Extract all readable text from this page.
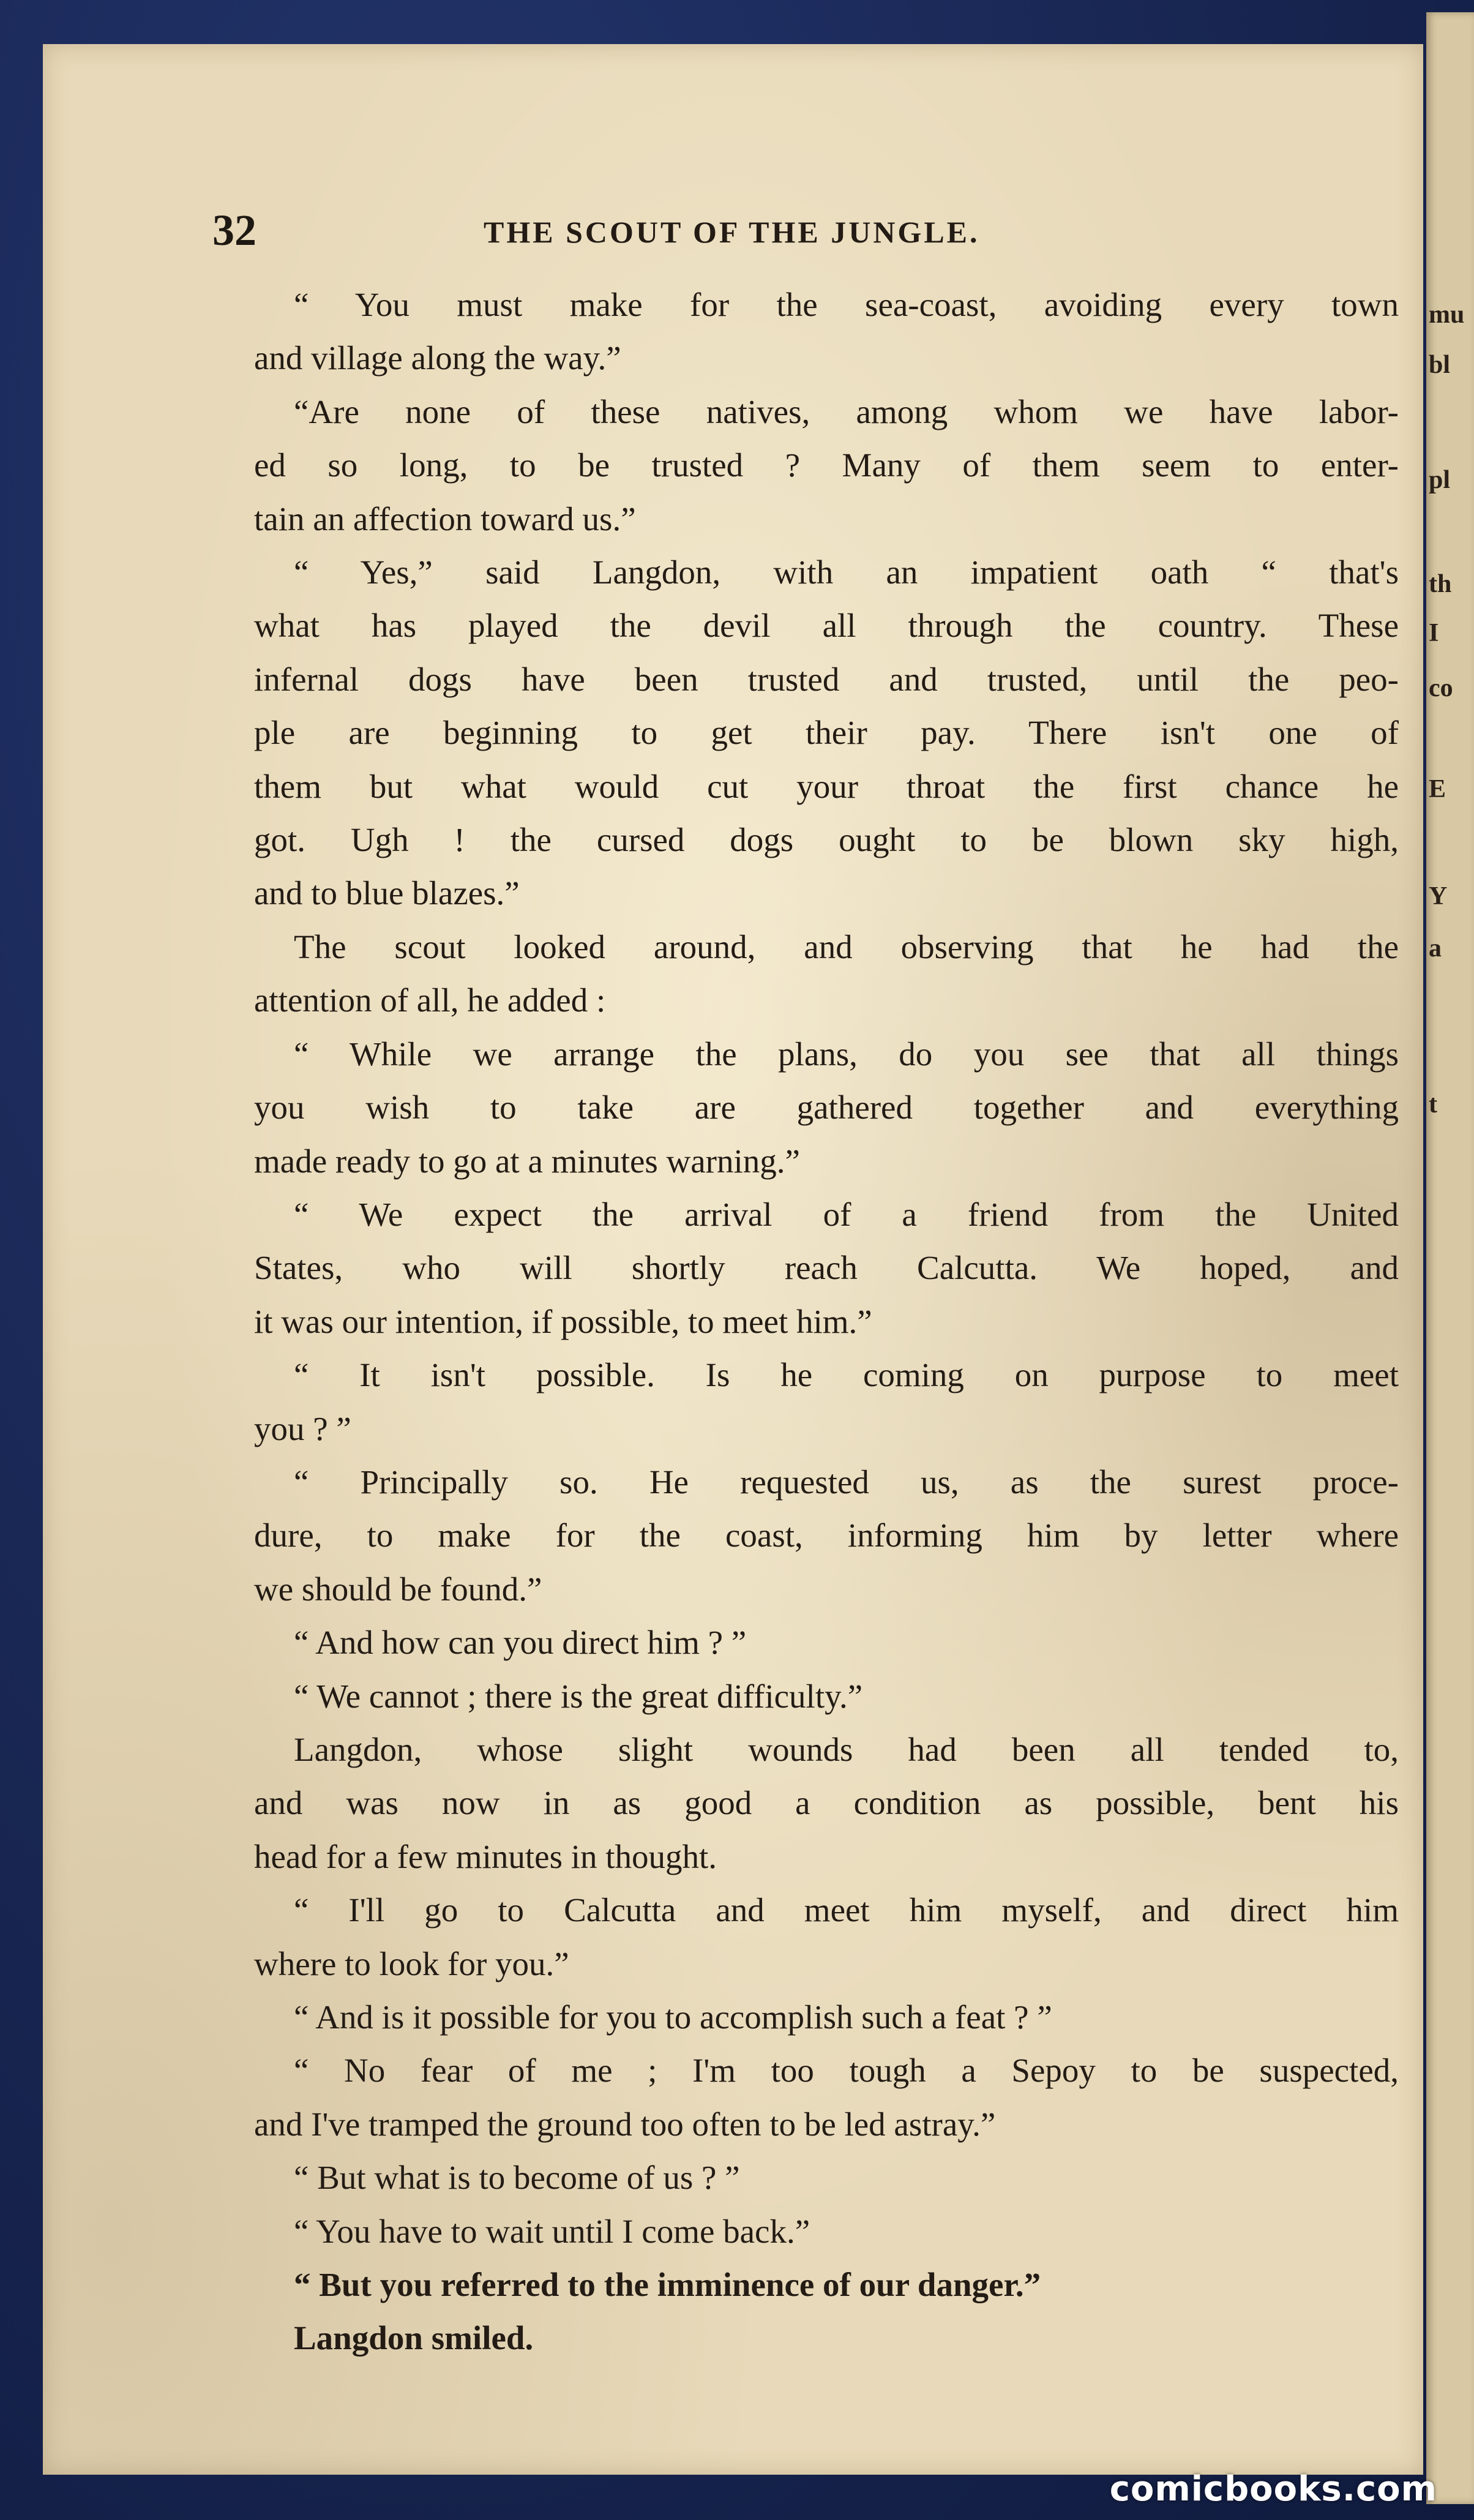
mu
bl
pl
th
I
co
E
Y
a
t
32	THE SCOUT OF THE JUNGLE.

“ You must make for the sea-coast, avoiding every town
and village along the way.”

“Are none of these natives, among whom we have labor-
ed so long, to be trusted ? Many of them seem to enter-
tain an affection toward us.”

“ Yes,” said Langdon, with an impatient oath “ that's
what has played the devil all through the country. These
infernal dogs have been trusted and trusted, until the peo-
ple are beginning to get their pay. There isn't one of
them but what would cut your throat the first chance he
got. Ugh ! the cursed dogs ought to be blown sky high,
and to blue blazes.”

The scout looked around, and observing that he had the
attention of all, he added :

“ While we arrange the plans, do you see that all things
you wish to take are gathered together and everything
made ready to go at a minutes warning.”

“ We expect the arrival of a friend from the United
States, who will shortly reach Calcutta. We hoped, and
it was our intention, if possible, to meet him.”

“ It isn't possible. Is he coming on purpose to meet
you ? ”

“ Principally so. He requested us, as the surest proce-
dure, to make for the coast, informing him by letter where
we should be found.”

“ And how can you direct him ? ”

“ We cannot ; there is the great difficulty.”

Langdon, whose slight wounds had been all tended to,
and was now in as good a condition as possible, bent his
head for a few minutes in thought.

“ I'll go to Calcutta and meet him myself, and direct him
where to look for you.”

“ And is it possible for you to accomplish such a feat ? ”

“ No fear of me ; I'm too tough a Sepoy to be suspected,
and I've tramped the ground too often to be led astray.”

“ But what is to become of us ? ”

“ You have to wait until I come back.”

“ But you referred to the imminence of our danger.”

Langdon smiled.

comicbooks.com
